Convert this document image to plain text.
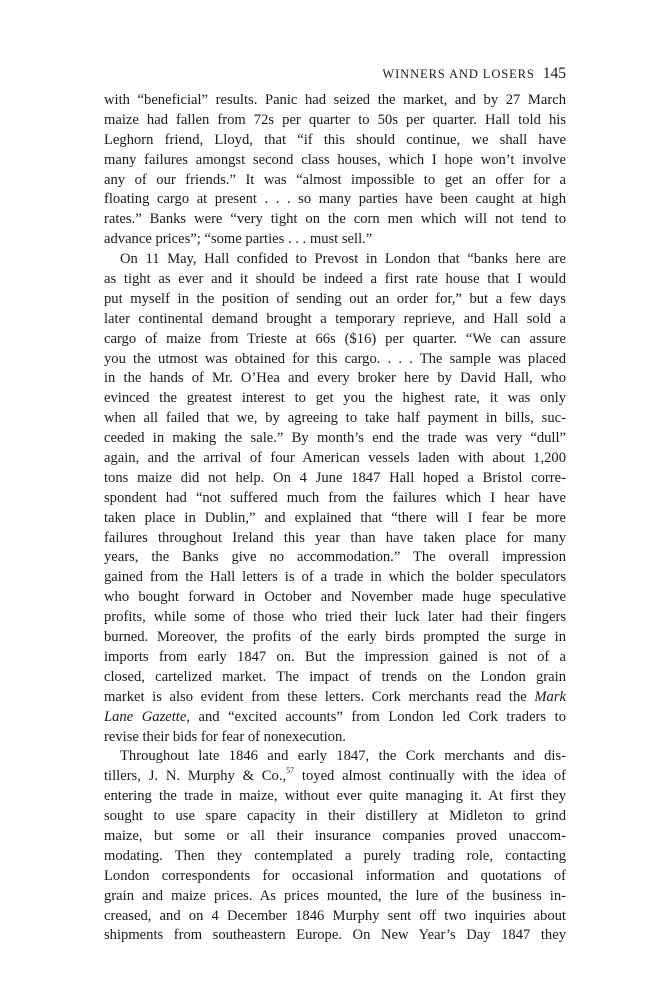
WINNERS AND LOSERS 145
with “beneficial” results. Panic had seized the market, and by 27 March
maize had fallen from 72s per quarter to 50s per quarter. Hall told his
Leghorn friend, Lloyd, that “if this should continue, we shall have
many failures amongst second class houses, which I hope won’t involve
any of our friends.” It was “almost impossible to get an offer for a
floating cargo at present . . . so many parties have been caught at high
rates.” Banks were “very tight on the corn men which will not tend to
advance prices”; “some parties . . . must sell.”
On 11 May, Hall confided to Prevost in London that “banks here are
as tight as ever and it should be indeed a first rate house that I would
put myself in the position of sending out an order for,” but a few days
later continental demand brought a temporary reprieve, and Hall sold a
cargo of maize from Trieste at 66s ($16) per quarter. “We can assure
you the utmost was obtained for this cargo. . . . The sample was placed
in the hands of Mr. O’Hea and every broker here by David Hall, who
evinced the greatest interest to get you the highest rate, it was only
when all failed that we, by agreeing to take half payment in bills, suc-
ceeded in making the sale.” By month’s end the trade was very “dull”
again, and the arrival of four American vessels laden with about 1,200
tons maize did not help. On 4 June 1847 Hall hoped a Bristol corre-
spondent had “not suffered much from the failures which I hear have
taken place in Dublin,” and explained that “there will I fear be more
failures throughout Ireland this year than have taken place for many
years, the Banks give no accommodation.” The overall impression
gained from the Hall letters is of a trade in which the bolder speculators
who bought forward in October and November made huge speculative
profits, while some of those who tried their luck later had their fingers
burned. Moreover, the profits of the early birds prompted the surge in
imports from early 1847 on. But the impression gained is not of a
closed, cartelized market. The impact of trends on the London grain
market is also evident from these letters. Cork merchants read the Mark
Lane Gazette, and “excited accounts” from London led Cork traders to
revise their bids for fear of nonexecution.
Throughout late 1846 and early 1847, the Cork merchants and dis-
tillers, J. N. Murphy & Co.,$^{57}$ toyed almost continually with the idea of
entering the trade in maize, without ever quite managing it. At first they
sought to use spare capacity in their distillery at Midleton to grind
maize, but some or all their insurance companies proved unaccom-
modating. Then they contemplated a purely trading role, contacting
London correspondents for occasional information and quotations of
grain and maize prices. As prices mounted, the lure of the business in-
creased, and on 4 December 1846 Murphy sent off two inquiries about
shipments from southeastern Europe. On New Year’s Day 1847 they
